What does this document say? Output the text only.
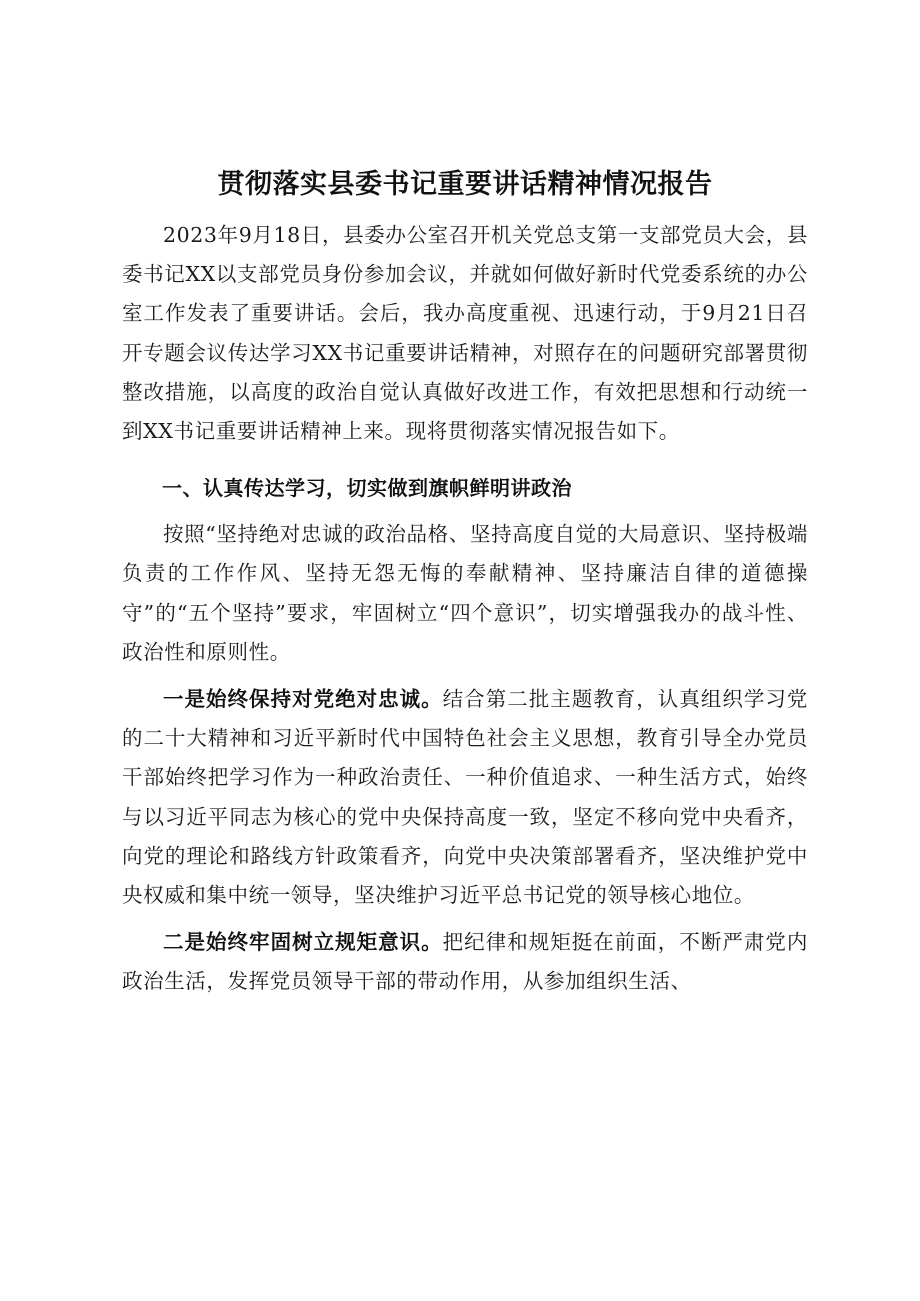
贯彻落实县委书记重要讲话精神情况报告

2023年9月18日，县委办公室召开机关党总支第一支部党员大会，县委书记XX以支部党员身份参加会议，并就如何做好新时代党委系统的办公室工作发表了重要讲话。会后，我办高度重视、迅速行动，于9月21日召开专题会议传达学习XX书记重要讲话精神，对照存在的问题研究部署贯彻整改措施，以高度的政治自觉认真做好改进工作，有效把思想和行动统一到XX书记重要讲话精神上来。现将贯彻落实情况报告如下。

一、认真传达学习，切实做到旗帜鲜明讲政治

按照“坚持绝对忠诚的政治品格、坚持高度自觉的大局意识、坚持极端负责的工作作风、坚持无怨无悔的奉献精神、坚持廉洁自律的道德操守”的“五个坚持”要求，牢固树立“四个意识”，切实增强我办的战斗性、政治性和原则性。

一是始终保持对党绝对忠诚。结合第二批主题教育，认真组织学习党的二十大精神和习近平新时代中国特色社会主义思想，教育引导全办党员干部始终把学习作为一种政治责任、一种价值追求、一种生活方式，始终与以习近平同志为核心的党中央保持高度一致，坚定不移向党中央看齐，向党的理论和路线方针政策看齐，向党中央决策部署看齐，坚决维护党中央权威和集中统一领导，坚决维护习近平总书记党的领导核心地位。

二是始终牢固树立规矩意识。把纪律和规矩挺在前面，不断严肃党内政治生活，发挥党员领导干部的带动作用，从参加组织生活、
